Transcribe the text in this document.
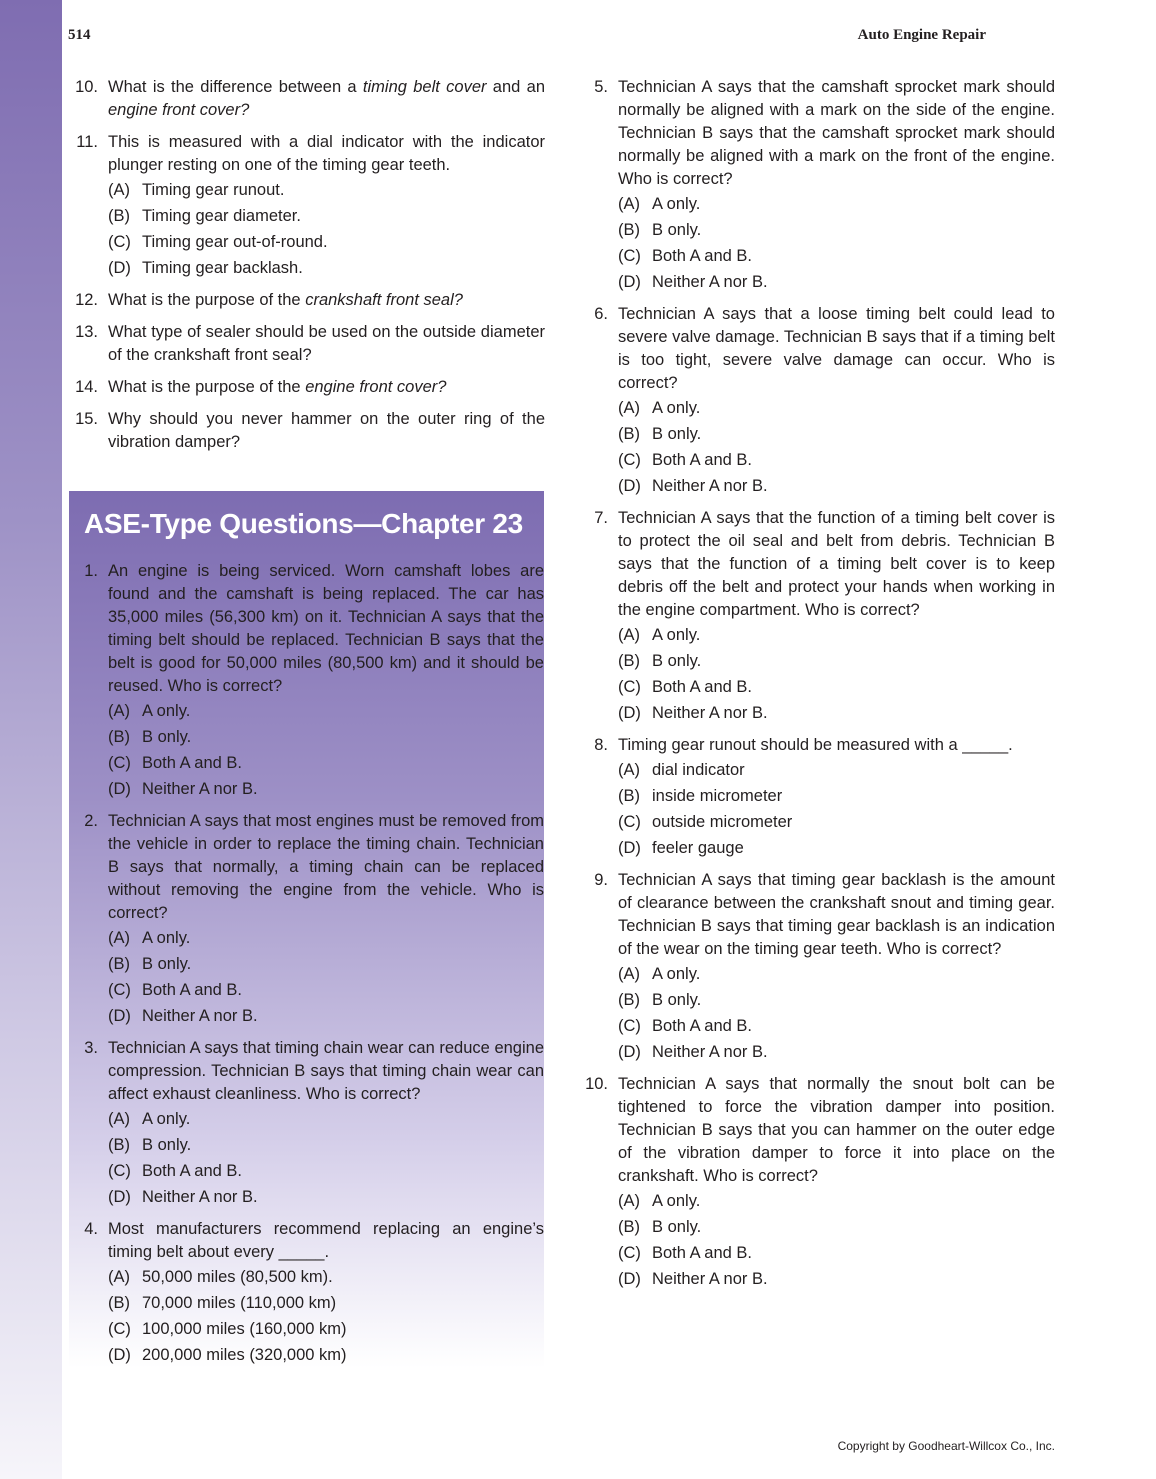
514	Auto Engine Repair
10. What is the difference between a timing belt cover and an engine front cover?
11. This is measured with a dial indicator with the indicator plunger resting on one of the timing gear teeth.
(A) Timing gear runout.
(B) Timing gear diameter.
(C) Timing gear out-of-round.
(D) Timing gear backlash.
12. What is the purpose of the crankshaft front seal?
13. What type of sealer should be used on the outside diameter of the crankshaft front seal?
14. What is the purpose of the engine front cover?
15. Why should you never hammer on the outer ring of the vibration damper?
ASE-Type Questions—Chapter 23
1. An engine is being serviced. Worn camshaft lobes are found and the camshaft is being replaced. The car has 35,000 miles (56,300 km) on it. Technician A says that the timing belt should be replaced. Technician B says that the belt is good for 50,000 miles (80,500 km) and it should be reused. Who is correct?
(A) A only.
(B) B only.
(C) Both A and B.
(D) Neither A nor B.
2. Technician A says that most engines must be removed from the vehicle in order to replace the timing chain. Technician B says that normally, a timing chain can be replaced without removing the engine from the vehicle. Who is correct?
(A) A only.
(B) B only.
(C) Both A and B.
(D) Neither A nor B.
3. Technician A says that timing chain wear can reduce engine compression. Technician B says that timing chain wear can affect exhaust cleanliness. Who is correct?
(A) A only.
(B) B only.
(C) Both A and B.
(D) Neither A nor B.
4. Most manufacturers recommend replacing an engine’s timing belt about every _____.
(A) 50,000 miles (80,500 km).
(B) 70,000 miles (110,000 km)
(C) 100,000 miles (160,000 km)
(D) 200,000 miles (320,000 km)
5. Technician A says that the camshaft sprocket mark should normally be aligned with a mark on the side of the engine. Technician B says that the camshaft sprocket mark should normally be aligned with a mark on the front of the engine. Who is correct?
(A) A only.
(B) B only.
(C) Both A and B.
(D) Neither A nor B.
6. Technician A says that a loose timing belt could lead to severe valve damage. Technician B says that if a timing belt is too tight, severe valve damage can occur. Who is correct?
(A) A only.
(B) B only.
(C) Both A and B.
(D) Neither A nor B.
7. Technician A says that the function of a timing belt cover is to protect the oil seal and belt from debris. Technician B says that the function of a timing belt cover is to keep debris off the belt and protect your hands when working in the engine compartment. Who is correct?
(A) A only.
(B) B only.
(C) Both A and B.
(D) Neither A nor B.
8. Timing gear runout should be measured with a _____.
(A) dial indicator
(B) inside micrometer
(C) outside micrometer
(D) feeler gauge
9. Technician A says that timing gear backlash is the amount of clearance between the crankshaft snout and timing gear. Technician B says that timing gear backlash is an indication of the wear on the timing gear teeth. Who is correct?
(A) A only.
(B) B only.
(C) Both A and B.
(D) Neither A nor B.
10. Technician A says that normally the snout bolt can be tightened to force the vibration damper into position. Technician B says that you can hammer on the outer edge of the vibration damper to force it into place on the crankshaft. Who is correct?
(A) A only.
(B) B only.
(C) Both A and B.
(D) Neither A nor B.
Copyright by Goodheart-Willcox Co., Inc.
